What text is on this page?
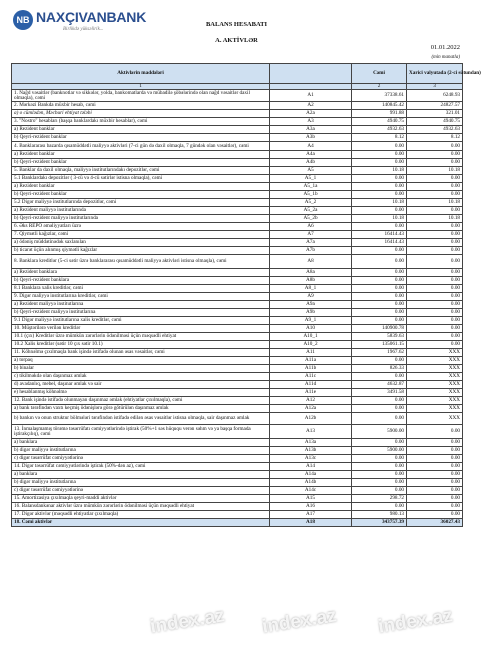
NB NAXÇIVANBANK
Birlikdə yüksəlirik...
BALANS HESABATI
A. AKTİVLƏR
01.01.2022
(min manatla)
Aktivlərin maddələri		Cəmi	Xarici valyutada (2-ci sütundan)
1		2	3
1. Nağd vəsaitlər (banknotlar və sikkələr, yolda, bankomatlarda və mübadilə şöbələrində olan nağd vəsaitlər daxil olmaqla), cəmi	A1	37338.61	6248.93
2. Mərkəzi Bankda müxbir hesab, cəmi	A2	140845.42	24827.57
a) o cümlədən, Məcburi ehtiyat tələbi	A2a	991.88	321.01
3. "Nostro" hesabları (başqa banklardakı müxbir hesablar), cəmi	A3	4940.75	4940.75
a) Rezident banklar	A3a	4932.63	4932.63
b) Qeyri-rezident banklar	A3b	8.12	8.12
4. Banklararası bazarda qısamüddətli maliyyə aktivləri (7-ci gün də daxil olmaqla, 7 gündək olan vəsaitlər), cəmi	A4	0.00	0.00
a) Rezident banklar	A4a	0.00	0.00
b) Qeyri-rezident banklar	A4b	0.00	0.00
5. Banklar da daxil olmaqla, maliyyə institutlarındakı depozitlər, cəmi	A5	10.18	10.18
5.1 Banklardakı depozitlər ( 3-cü və 4-cü sətirlər istisna olmaqla), cəmi	A5_1	0.00	0.00
a) Rezident banklar	A5_1a	0.00	0.00
b) Qeyri-rezident banklar	A5_1b	0.00	0.00
5.2 Digər maliyyə institutlarında depozitlər, cəmi	A5_2	10.18	10.18
a) Rezident maliyyə institutlarında	A5_2a	0.00	0.00
b) Qeyri-rezident maliyyə institutlarında	A5_2b	10.18	10.18
6. Əks REPO əməliyyatları üzrə	A6	0.00	0.00
7. Qiymətli kağızlar, cəmi	A7	16414.43	0.00
a) ödəniş müddətinədək saxlanılan	A7a	16414.43	0.00
b) ticarət üçün alınmış qiymətli kağızlar	A7b	0.00	0.00
8. Banklara kreditlər (5-ci sətir üzrə banklararası qısamüddətli maliyyə aktivləri istisna olmaqla), cəmi	A8	0.00	0.00
a) Rezident banklara	A8a	0.00	0.00
b) Qeyri-rezident banklara	A8b	0.00	0.00
8.1 Banklara xalis kreditlər, cəmi	A8_1	0.00	0.00
9. Digər maliyyə institutlarına kreditlər, cəmi	A9	0.00	0.00
a) Rezident maliyyə institutlarına	A9a	0.00	0.00
b) Qeyri-rezident maliyyə institutlarına	A9b	0.00	0.00
9.1 Digər maliyyə institutlarına xalis kreditlər, cəmi	A9_1	0.00	0.00
10. Müştərilərə verilən kreditlər	A10	140900.78	0.00
10.1 (çıx) Kreditlər üzrə mümkün zərərlərin ödənilməsi üçün məqsədli ehtiyat	A10_1	5839.63	0.00
10.2 Xalis kreditlər (sətir 10 çıx sətir 10.1)	A10_2	135061.15	0.00
11. Köhnəlmə çıxılmaqla bank işində istifadə olunan əsas vəsaitlər, cəmi	A11	1967.62	XXX
a) torpaq	A11a	0.00	XXX
b) binalar	A11b	826.33	XXX
c) tikilməkdə olan daşınmaz əmlak	A11c	0.00	XXX
d) avadanlıq, mebel, daşınar əmlak və sair	A11d	4632.87	XXX
e) hesablanmış köhnəlmə	A11e	3491.58	XXX
12. Bank işində istifadə olunmayan daşınmaz əmlak (ehtiyatlar çıxılmaqla), cəmi	A12	0.00	XXX
a) bank tərəfindən vaxtı keçmiş ödənişlərə görə götürülən daşınmaz əmlak	A12a	0.00	XXX
b) bankın və onun struktur bölmələri tərəfindən istifadə edilən əsas vəsaitlər istisna olmaqla, sair daşınmaz əmlak	A12b	0.00	XXX
13. İnmalaşmamış törəmə təsərrüfatı cəmiyyətlərində iştirak (50%+1 səs hüququ verən səhm və ya başqa formada iştirakçılıq), cəmi	A13	5900.00	0.00
a) banklara	A13a	0.00	0.00
b) digər maliyyə institutlarına	A13b	5900.00	0.00
c) digər təsərrüfat cəmiyyətlərinə	A13c	0.00	0.00
14. Digər təsərrüfat cəmiyyətlərində iştirak (50%-dən az), cəmi	A14	0.00	0.00
a) banklara	A14a	0.00	0.00
b) digər maliyyə institutlarına	A14b	0.00	0.00
c) digər təsərrüfat cəmiyyətlərinə	A14c	0.00	0.00
15. Amortizasiya çıxılmaqla qeyri-maddi aktivlər	A15	298.72	0.00
16. Balansdankənar aktivlər üzrə mümkün zərərlərin ödənilməsi üçün məqsədli ehtiyat	A16	0.00	0.00
17. Digər aktivlər (məqsədli ehtiyatlar çıxılmaqla)	A17	980.13	0.00
18. Cəmi aktivlər	A18	343757.39	36027.43
index.az index.az index.az
